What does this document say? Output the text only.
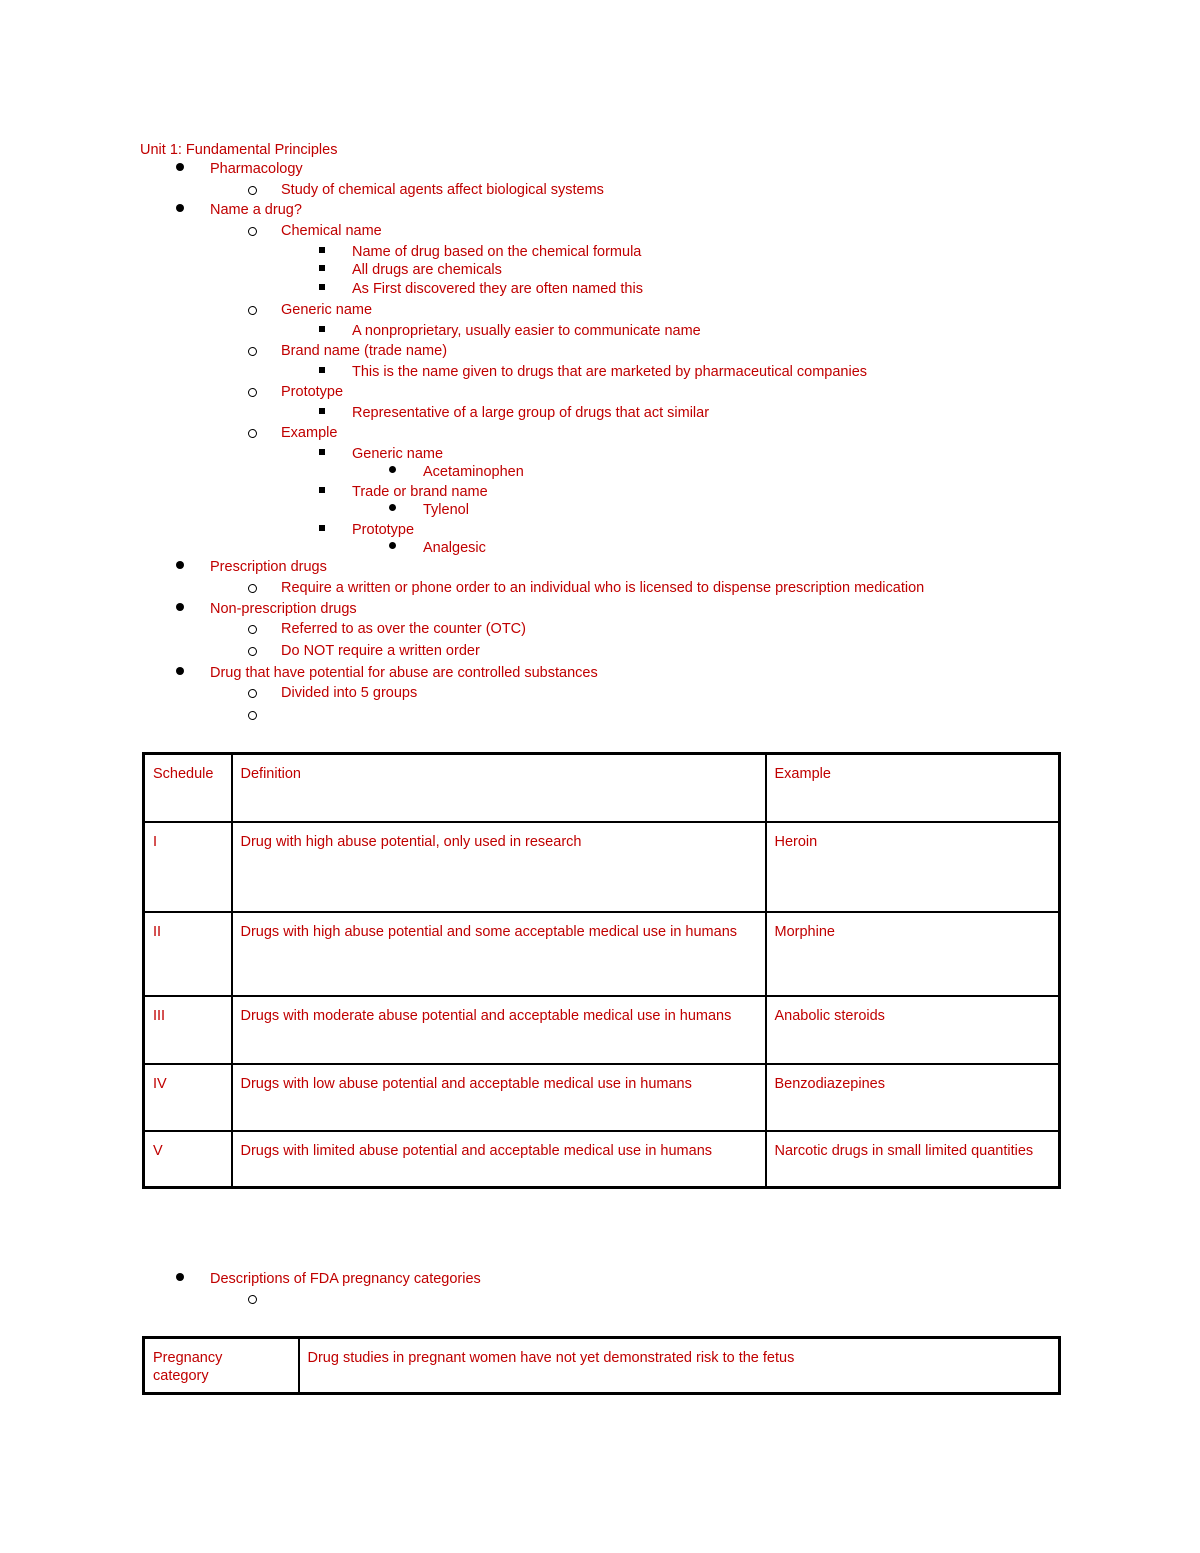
Unit 1: Fundamental Principles
Pharmacology
Study of chemical agents affect biological systems
Name a drug?
Chemical name
Name of drug based on the chemical formula
All drugs are chemicals
As First discovered they are often named this
Generic name
A nonproprietary, usually easier to communicate name
Brand name (trade name)
This is the name given to drugs that are marketed by pharmaceutical companies
Prototype
Representative of a large group of drugs that act similar
Example
Generic name
Acetaminophen
Trade or brand name
Tylenol
Prototype
Analgesic
Prescription drugs
Require a written or phone order to an individual who is licensed to dispense prescription medication
Non-prescription drugs
Referred to as over the counter (OTC)
Do NOT require a written order
Drug that have potential for abuse are controlled substances
Divided into 5 groups
Schedule	Definition	Example
I	Drug with high abuse potential, only used in research	Heroin
II	Drugs with high abuse potential and some acceptable medical use in humans	Morphine
III	Drugs with moderate abuse potential and acceptable medical use in humans	Anabolic steroids
IV	Drugs with low abuse potential and acceptable medical use in humans	Benzodiazepines
V	Drugs with limited abuse potential and acceptable medical use in humans	Narcotic drugs in small limited quantities
Descriptions of FDA pregnancy categories
Pregnancy category	Drug studies in pregnant women have not yet demonstrated risk to the fetus
